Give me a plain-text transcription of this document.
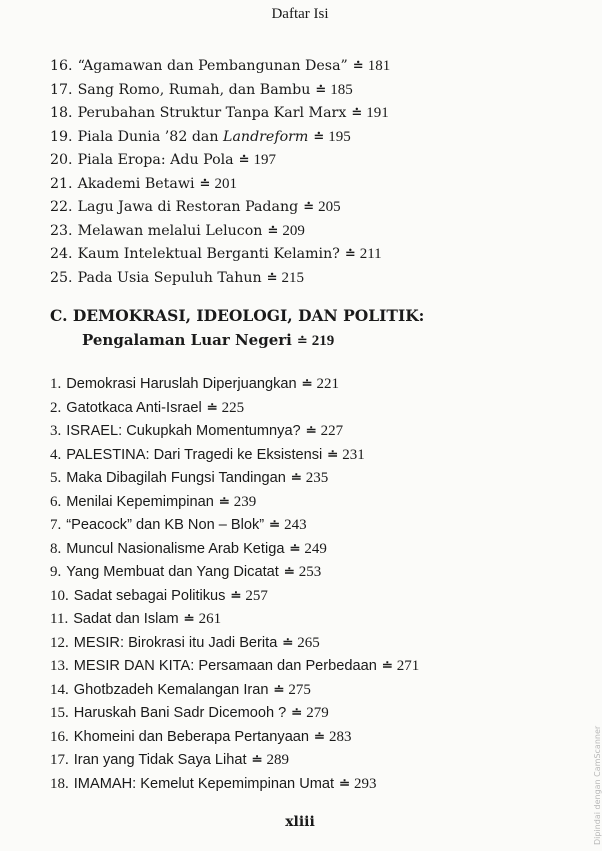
Daftar Isi
16. “Agamawan dan Pembangunan Desa” ≐ 181
17. Sang Romo, Rumah, dan Bambu ≐ 185
18. Perubahan Struktur Tanpa Karl Marx ≐ 191
19. Piala Dunia ’82 dan Landreform ≐ 195
20. Piala Eropa: Adu Pola ≐ 197
21. Akademi Betawi ≐ 201
22. Lagu Jawa di Restoran Padang ≐ 205
23. Melawan melalui Lelucon ≐ 209
24. Kaum Intelektual Berganti Kelamin? ≐ 211
25. Pada Usia Sepuluh Tahun ≐ 215
C. DEMOKRASI, IDEOLOGI, DAN POLITIK:
Pengalaman Luar Negeri ≐ 219
1. Demokrasi Haruslah Diperjuangkan ≐ 221
2. Gatotkaca Anti-Israel ≐ 225
3. ISRAEL: Cukupkah Momentumnya? ≐ 227
4. PALESTINA: Dari Tragedi ke Eksistensi ≐ 231
5. Maka Dibagilah Fungsi Tandingan ≐ 235
6. Menilai Kepemimpinan ≐ 239
7. “Peacock” dan KB Non – Blok” ≐ 243
8. Muncul Nasionalisme Arab Ketiga ≐ 249
9. Yang Membuat dan Yang Dicatat ≐ 253
10. Sadat sebagai Politikus ≐ 257
11. Sadat dan Islam ≐ 261
12. MESIR: Birokrasi itu Jadi Berita ≐ 265
13. MESIR DAN KITA: Persamaan dan Perbedaan ≐ 271
14. Ghotbzadeh Kemalangan Iran ≐ 275
15. Haruskah Bani Sadr Dicemooh ? ≐ 279
16. Khomeini dan Beberapa Pertanyaan ≐ 283
17. Iran yang Tidak Saya Lihat ≐ 289
18. IMAMAH: Kemelut Kepemimpinan Umat ≐ 293
xliii	Dipindai dengan CamScanner
